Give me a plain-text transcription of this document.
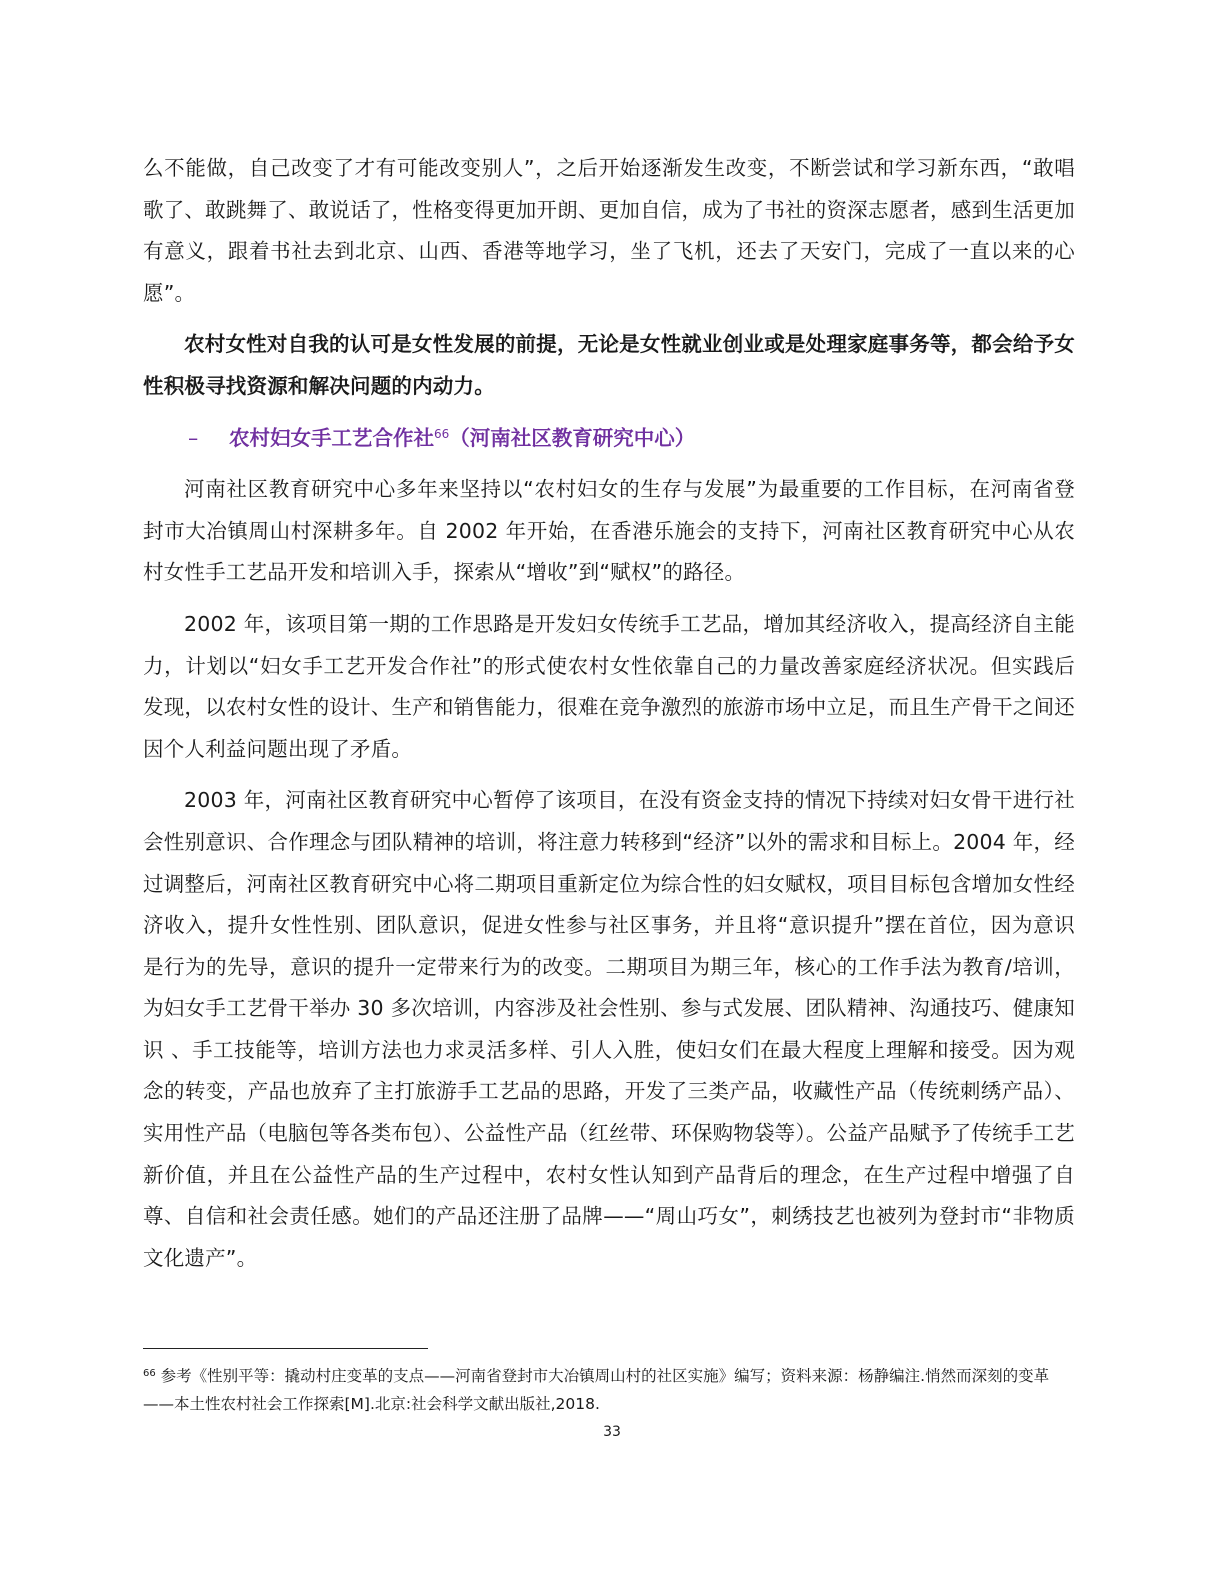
么不能做，自己改变了才有可能改变别人”，之后开始逐渐发生改变，不断尝试和学习新东西，“敢唱歌了、敢跳舞了、敢说话了，性格变得更加开朗、更加自信，成为了书社的资深志愿者，感到生活更加有意义，跟着书社去到北京、山西、香港等地学习，坐了飞机，还去了天安门，完成了一直以来的心愿”。

农村女性对自我的认可是女性发展的前提，无论是女性就业创业或是处理家庭事务等，都会给予女性积极寻找资源和解决问题的内动力。

– 农村妇女手工艺合作社$^{66}$（河南社区教育研究中心）

河南社区教育研究中心多年来坚持以“农村妇女的生存与发展”为最重要的工作目标，在河南省登封市大冶镇周山村深耕多年。自 2002 年开始，在香港乐施会的支持下，河南社区教育研究中心从农村女性手工艺品开发和培训入手，探索从“增收”到“赋权”的路径。

2002 年，该项目第一期的工作思路是开发妇女传统手工艺品，增加其经济收入，提高经济自主能力，计划以“妇女手工艺开发合作社”的形式使农村女性依靠自己的力量改善家庭经济状况。但实践后发现，以农村女性的设计、生产和销售能力，很难在竞争激烈的旅游市场中立足，而且生产骨干之间还因个人利益问题出现了矛盾。

2003 年，河南社区教育研究中心暂停了该项目，在没有资金支持的情况下持续对妇女骨干进行社会性别意识、合作理念与团队精神的培训，将注意力转移到“经济”以外的需求和目标上。2004 年，经过调整后，河南社区教育研究中心将二期项目重新定位为综合性的妇女赋权，项目目标包含增加女性经济收入，提升女性性别、团队意识，促进女性参与社区事务，并且将“意识提升”摆在首位，因为意识是行为的先导，意识的提升一定带来行为的改变。二期项目为期三年，核心的工作手法为教育/培训，为妇女手工艺骨干举办 30 多次培训，内容涉及社会性别、参与式发展、团队精神、沟通技巧、健康知识 、手工技能等，培训方法也力求灵活多样、引人入胜，使妇女们在最大程度上理解和接受。因为观念的转变，产品也放弃了主打旅游手工艺品的思路，开发了三类产品，收藏性产品（传统刺绣产品）、实用性产品（电脑包等各类布包）、公益性产品（红丝带、环保购物袋等）。公益产品赋予了传统手工艺新价值，并且在公益性产品的生产过程中，农村女性认知到产品背后的理念，在生产过程中增强了自尊、自信和社会责任感。她们的产品还注册了品牌——“周山巧女”，刺绣技艺也被列为登封市“非物质文化遗产”。

$^{66}$ 参考《性别平等：撬动村庄变革的支点——河南省登封市大冶镇周山村的社区实施》编写；资料来源：杨静编注.悄然而深刻的变革——本土性农村社会工作探索[M].北京:社会科学文献出版社,2018.

33
